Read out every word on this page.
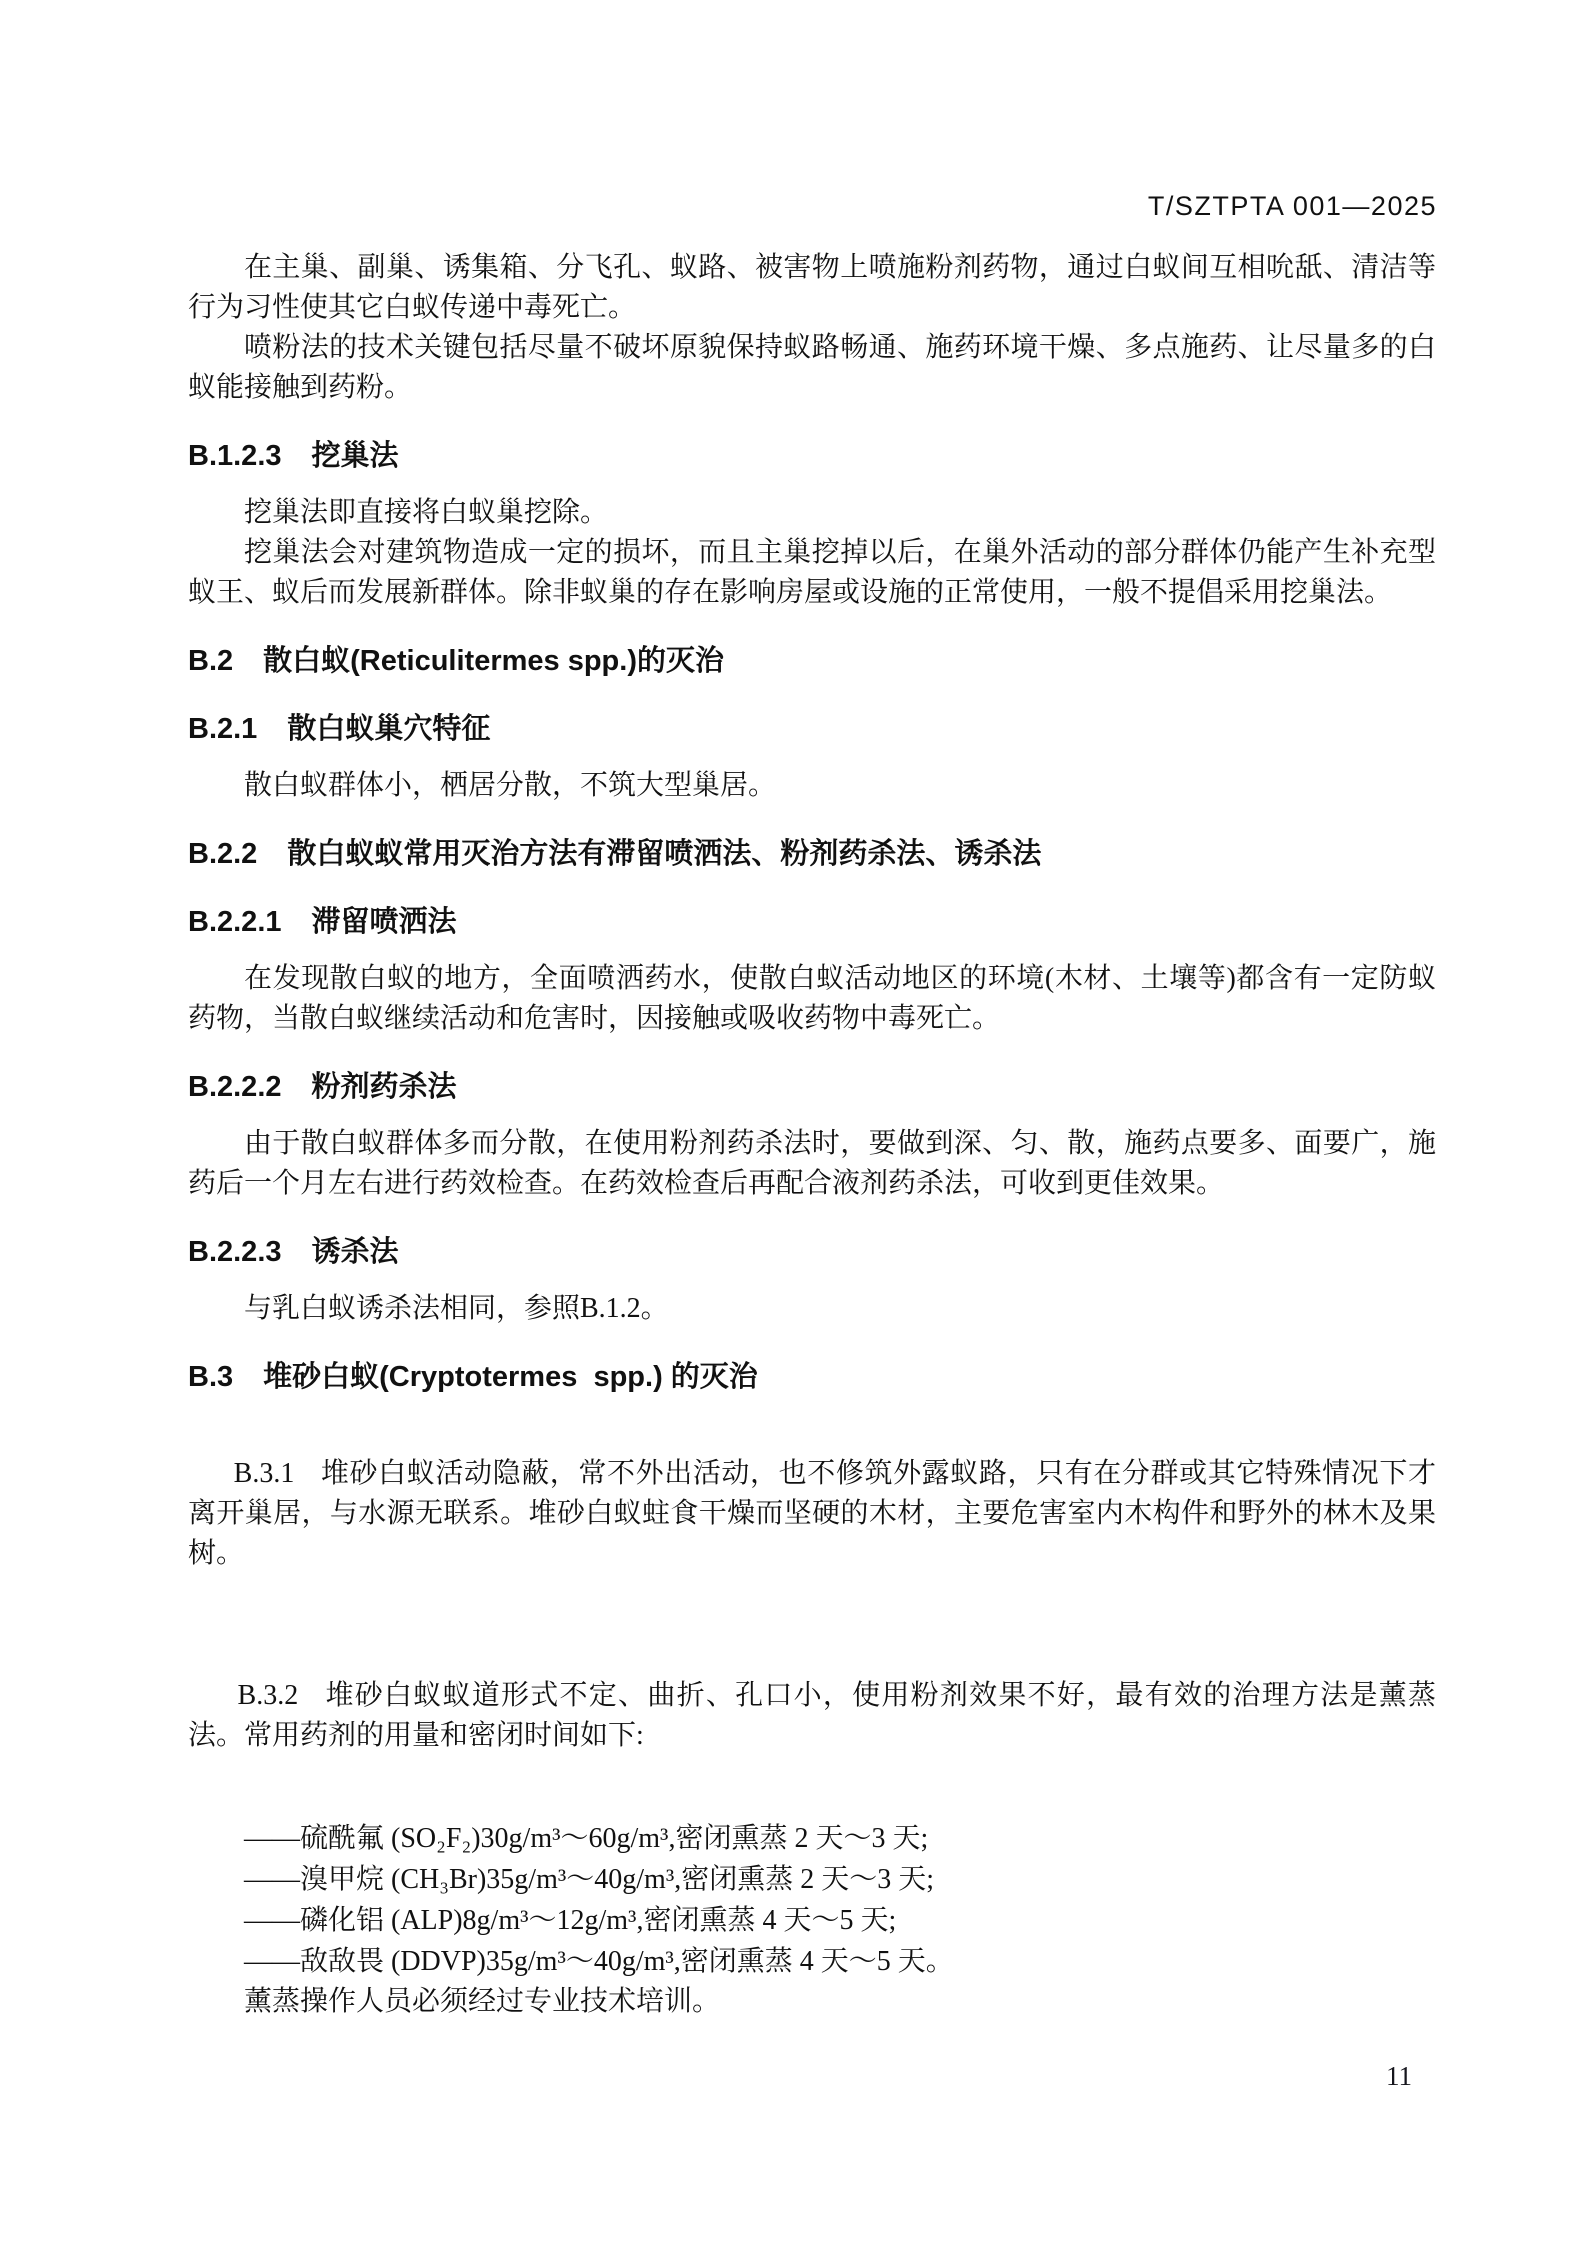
T/SZTPTA 001—2025

在主巢、副巢、诱集箱、分飞孔、蚁路、被害物上喷施粉剂药物，通过白蚁间互相吮舐、清洁等行为习性使其它白蚁传递中毒死亡。

喷粉法的技术关键包括尽量不破坏原貌保持蚁路畅通、施药环境干燥、多点施药、让尽量多的白蚁能接触到药粉。

B.1.2.3 挖巢法

挖巢法即直接将白蚁巢挖除。

挖巢法会对建筑物造成一定的损坏，而且主巢挖掉以后，在巢外活动的部分群体仍能产生补充型蚁王、蚁后而发展新群体。除非蚁巢的存在影响房屋或设施的正常使用，一般不提倡采用挖巢法。

B.2 散白蚁(Reticulitermes spp.)的灭治
B.2.1 散白蚁巢穴特征

散白蚁群体小，栖居分散，不筑大型巢居。

B.2.2 散白蚁蚁常用灭治方法有滞留喷洒法、粉剂药杀法、诱杀法
B.2.2.1 滞留喷洒法

在发现散白蚁的地方，全面喷洒药水，使散白蚁活动地区的环境(木材、土壤等)都含有一定防蚁药物，当散白蚁继续活动和危害时，因接触或吸收药物中毒死亡。

B.2.2.2 粉剂药杀法

由于散白蚁群体多而分散，在使用粉剂药杀法时，要做到深、匀、散，施药点要多、面要广，施药后一个月左右进行药效检查。在药效检查后再配合液剂药杀法，可收到更佳效果。

B.2.2.3 诱杀法

与乳白蚁诱杀法相同，参照B.1.2。

B.3 堆砂白蚁(Cryptotermes  spp.) 的灭治

B.3.1 堆砂白蚁活动隐蔽，常不外出活动，也不修筑外露蚁路，只有在分群或其它特殊情况下才离开巢居，与水源无联系。堆砂白蚁蛀食干燥而坚硬的木材，主要危害室内木构件和野外的林木及果树。

B.3.2 堆砂白蚁蚁道形式不定、曲折、孔口小，使用粉剂效果不好，最有效的治理方法是薰蒸法。常用药剂的用量和密闭时间如下:

——硫酰氟 (SO₂F₂)30g/m³～60g/m³,密闭熏蒸 2 天～3 天;

——溴甲烷 (CH₃Br)35g/m³～40g/m³,密闭熏蒸 2 天～3 天;

——磷化铝 (ALP)8g/m³～12g/m³,密闭熏蒸 4 天～5 天;

——敌敌畏 (DDVP)35g/m³～40g/m³,密闭熏蒸 4 天～5 天。

薰蒸操作人员必须经过专业技术培训。

11
